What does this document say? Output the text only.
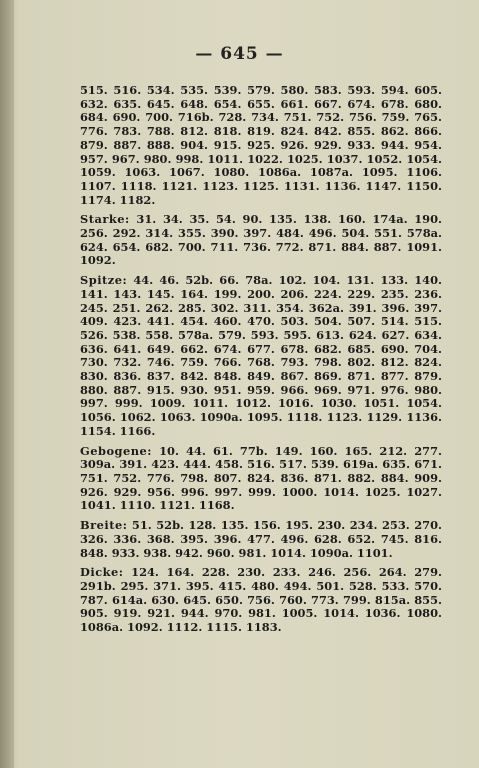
— 645 —

515. 516. 534. 535. 539. 579. 580. 583. 593. 594. 605. 632. 635. 645. 648. 654. 655. 661. 667. 674. 678. 680. 684. 690. 700. 716b. 728. 734. 751. 752. 756. 759. 765. 776. 783. 788. 812. 818. 819. 824. 842. 855. 862. 866. 879. 887. 888. 904. 915. 925. 926. 929. 933. 944. 954. 957. 967. 980. 998. 1011. 1022. 1025. 1037. 1052. 1054. 1059. 1063. 1067. 1080. 1086a. 1087a. 1095. 1106. 1107. 1118. 1121. 1123. 1125. 1131. 1136. 1147. 1150. 1174. 1182.

Starke: 31. 34. 35. 54. 90. 135. 138. 160. 174a. 190. 256. 292. 314. 355. 390. 397. 484. 496. 504. 551. 578a. 624. 654. 682. 700. 711. 736. 772. 871. 884. 887. 1091. 1092.

Spitze: 44. 46. 52b. 66. 78a. 102. 104. 131. 133. 140. 141. 143. 145. 164. 199. 200. 206. 224. 229. 235. 236. 245. 251. 262. 285. 302. 311. 354. 362a. 391. 396. 397. 409. 423. 441. 454. 460. 470. 503. 504. 507. 514. 515. 526. 538. 558. 578a. 579. 593. 595. 613. 624. 627. 634. 636. 641. 649. 662. 674. 677. 678. 682. 685. 690. 704. 730. 732. 746. 759. 766. 768. 793. 798. 802. 812. 824. 830. 836. 837. 842. 848. 849. 867. 869. 871. 877. 879. 880. 887. 915. 930. 951. 959. 966. 969. 971. 976. 980. 997. 999. 1009. 1011. 1012. 1016. 1030. 1051. 1054. 1056. 1062. 1063. 1090a. 1095. 1118. 1123. 1129. 1136. 1154. 1166.

Gebogene: 10. 44. 61. 77b. 149. 160. 165. 212. 277. 309a. 391. 423. 444. 458. 516. 517. 539. 619a. 635. 671. 751. 752. 776. 798. 807. 824. 836. 871. 882. 884. 909. 926. 929. 956. 996. 997. 999. 1000. 1014. 1025. 1027. 1041. 1110. 1121. 1168.

Breite: 51. 52b. 128. 135. 156. 195. 230. 234. 253. 270. 326. 336. 368. 395. 396. 477. 496. 628. 652. 745. 816. 848. 933. 938. 942. 960. 981. 1014. 1090a. 1101.

Dicke: 124. 164. 228. 230. 233. 246. 256. 264. 279. 291b. 295. 371. 395. 415. 480. 494. 501. 528. 533. 570. 787. 614a. 630. 645. 650. 756. 760. 773. 799. 815a. 855. 905. 919. 921. 944. 970. 981. 1005. 1014. 1036. 1080. 1086a. 1092. 1112. 1115. 1183.
